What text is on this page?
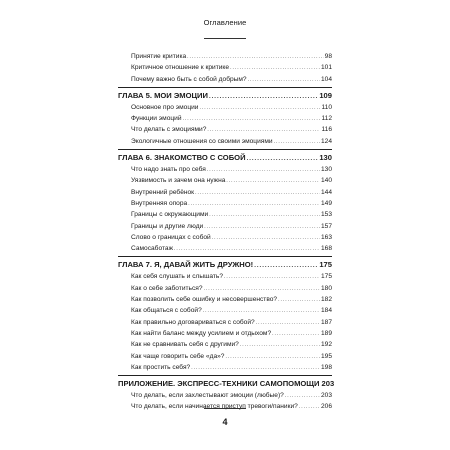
Оглавление
Принятие критика .....	98
Критичное отношение к критике .....	101
Почему важно быть с собой добрым? .....	104
ГЛАВА 5. МОИ ЭМОЦИИ .....	109
Основное про эмоции .....	110
Функции эмоций .....	112
Что делать с эмоциями? .....	116
Экологичные отношения со своими эмоциями .....	124
ГЛАВА 6. ЗНАКОМСТВО С СОБОЙ .....	130
Что надо знать про себя .....	130
Уязвимость и зачем она нужна .....	140
Внутренний ребёнок .....	144
Внутренняя опора .....	149
Границы с окружающими .....	153
Границы и другие люди .....	157
Слово о границах с собой .....	163
Самосаботаж .....	168
ГЛАВА 7. Я, ДАВАЙ ЖИТЬ ДРУЖНО! .....	175
Как себя слушать и слышать? .....	175
Как о себе заботиться? .....	180
Как позволить себе ошибку и несовершенство? .....	182
Как общаться с собой? .....	184
Как правильно договариваться с собой? .....	187
Как найти баланс между усилием и отдыхом? .....	189
Как не сравнивать себя с другими? .....	192
Как чаще говорить себе «да»? .....	195
Как простить себя? .....	198
ПРИЛОЖЕНИЕ. ЭКСПРЕСС-ТЕХНИКИ САМОПОМОЩИ 203
Что делать, если захлестывают эмоции (любые)? .....	203
Что делать, если начинается приступ тревоги/паники? .....	206
4
